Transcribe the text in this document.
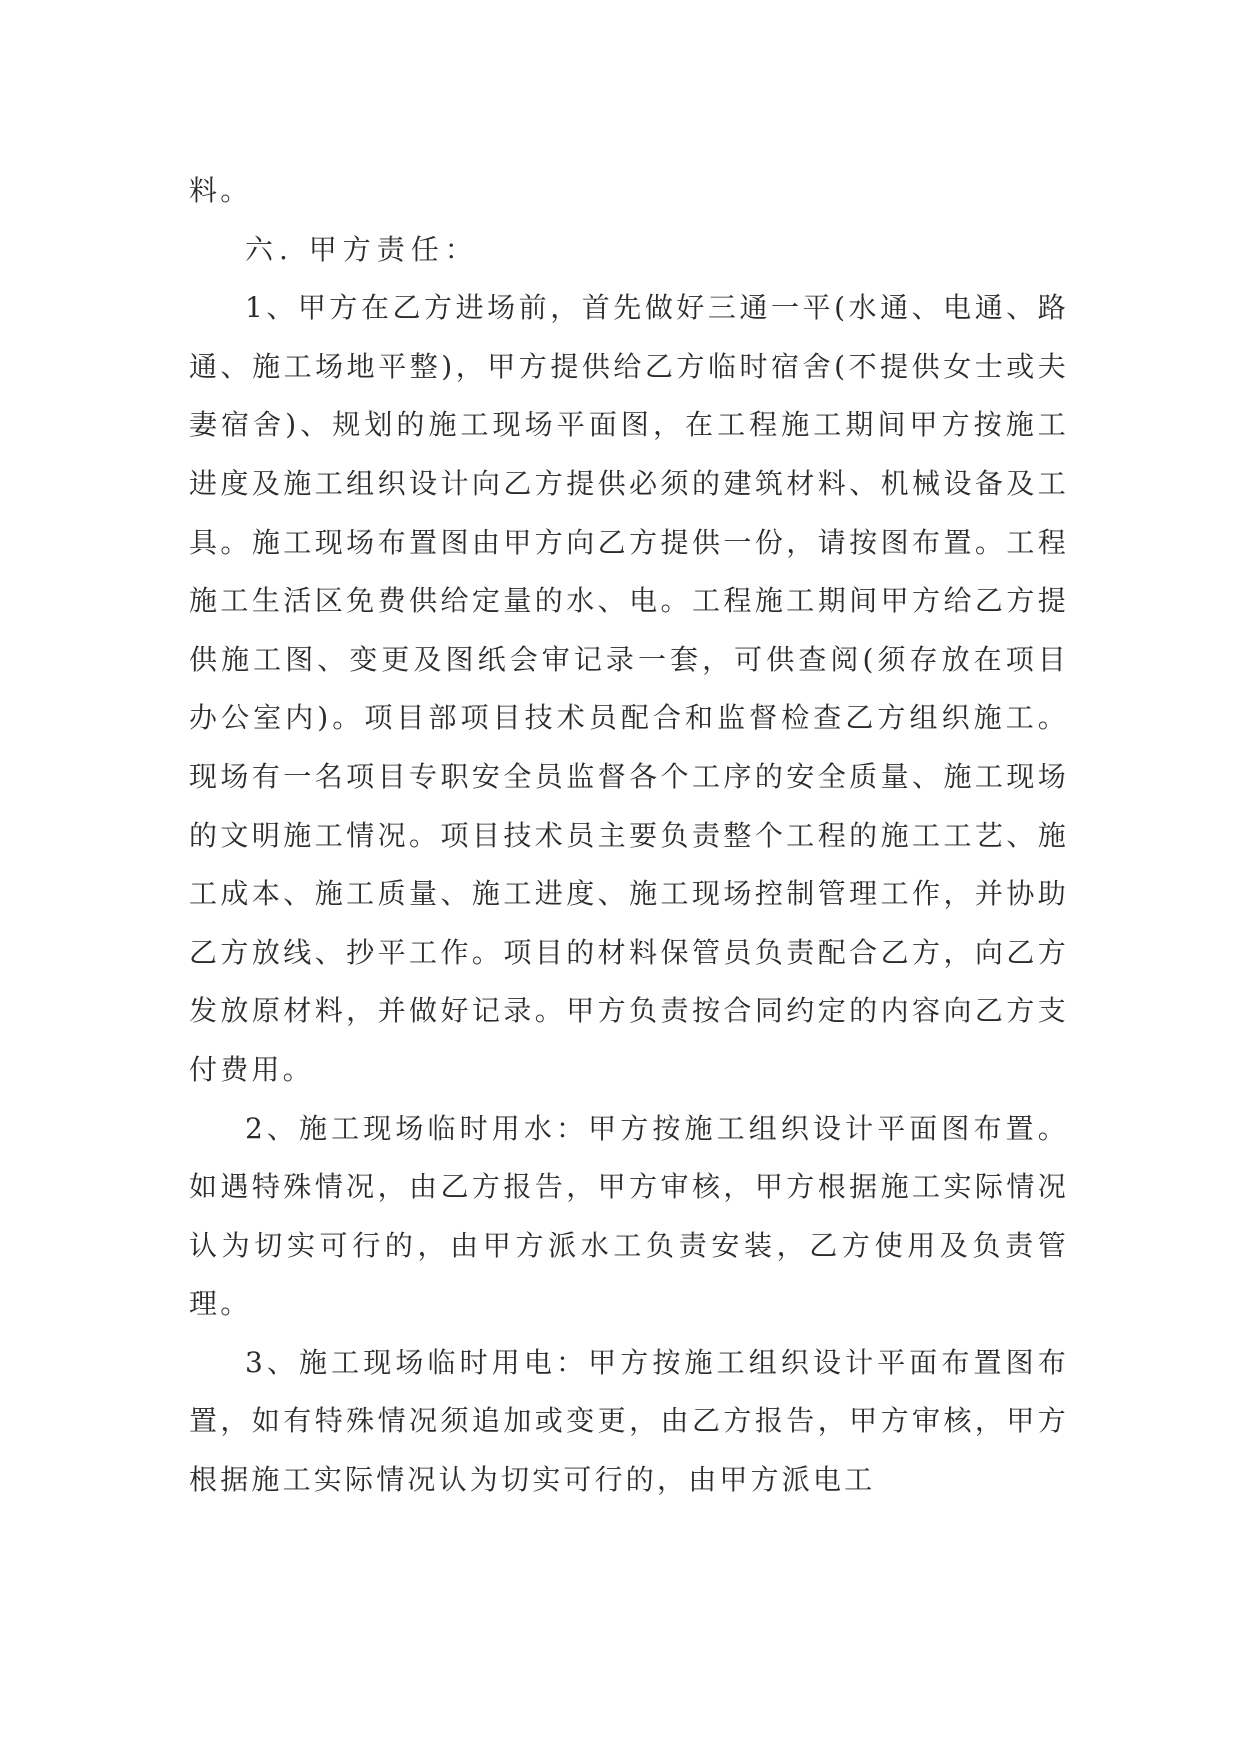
料。

六. 甲方责任：

1、甲方在乙方进场前，首先做好三通一平(水通、电通、路通、施工场地平整)，甲方提供给乙方临时宿舍(不提供女士或夫妻宿舍)、规划的施工现场平面图，在工程施工期间甲方按施工进度及施工组织设计向乙方提供必须的建筑材料、机械设备及工具。施工现场布置图由甲方向乙方提供一份，请按图布置。工程施工生活区免费供给定量的水、电。工程施工期间甲方给乙方提供施工图、变更及图纸会审记录一套，可供查阅(须存放在项目办公室内)。项目部项目技术员配合和监督检查乙方组织施工。现场有一名项目专职安全员监督各个工序的安全质量、施工现场的文明施工情况。项目技术员主要负责整个工程的施工工艺、施工成本、施工质量、施工进度、施工现场控制管理工作，并协助乙方放线、抄平工作。项目的材料保管员负责配合乙方，向乙方发放原材料，并做好记录。甲方负责按合同约定的内容向乙方支付费用。

2、施工现场临时用水：甲方按施工组织设计平面图布置。如遇特殊情况，由乙方报告，甲方审核，甲方根据施工实际情况认为切实可行的，由甲方派水工负责安装，乙方使用及负责管理。

3、施工现场临时用电：甲方按施工组织设计平面布置图布置，如有特殊情况须追加或变更，由乙方报告，甲方审核，甲方根据施工实际情况认为切实可行的，由甲方派电工
